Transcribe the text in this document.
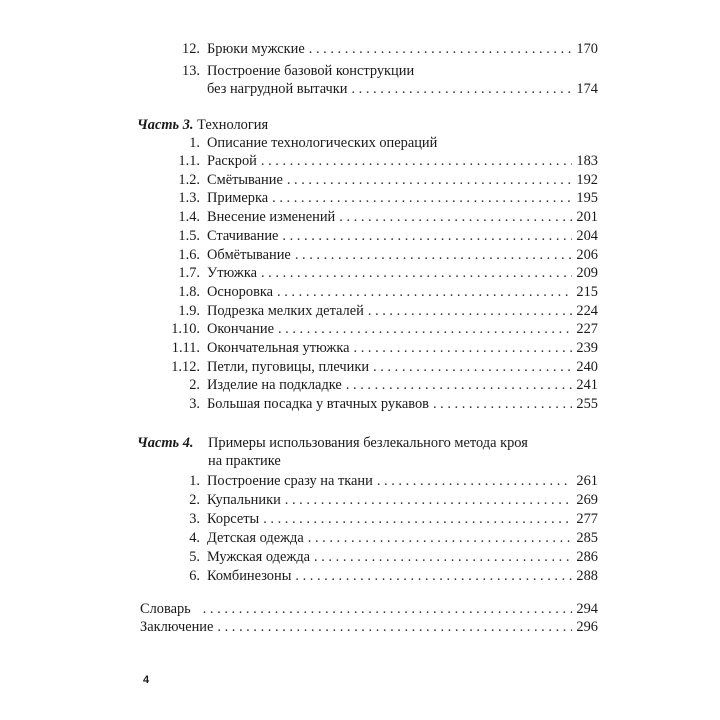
12. Брюки мужские . . .	170
13. Построение базовой конструкции
без нагрудной вытачки . . .	174
Часть 3. Технология
1. Описание технологических операций
1.1. Раскрой . . .	183
1.2. Смётывание . . .	192
1.3. Примерка . . .	195
1.4. Внесение изменений . . .	201
1.5. Стачивание . . .	204
1.6. Обмётывание . . .	206
1.7. Утюжка . . .	209
1.8. Осноровка . . .	215
1.9. Подрезка мелких деталей . . .	224
1.10. Окончание . . .	227
1.11. Окончательная утюжка . . .	239
1.12. Петли, пуговицы, плечики . . .	240
2. Изделие на подкладке . . .	241
3. Большая посадка у втачных рукавов . . .	255
Часть 4. Примеры использования безлекального метода кроя
на практике
1. Построение сразу на ткани . . .	261
2. Купальники . . .	269
3. Корсеты . . .	277
4. Детская одежда . . .	285
5. Мужская одежда . . .	286
6. Комбинезоны . . .	288
Словарь . . .	294
Заключение . . .	296
4
